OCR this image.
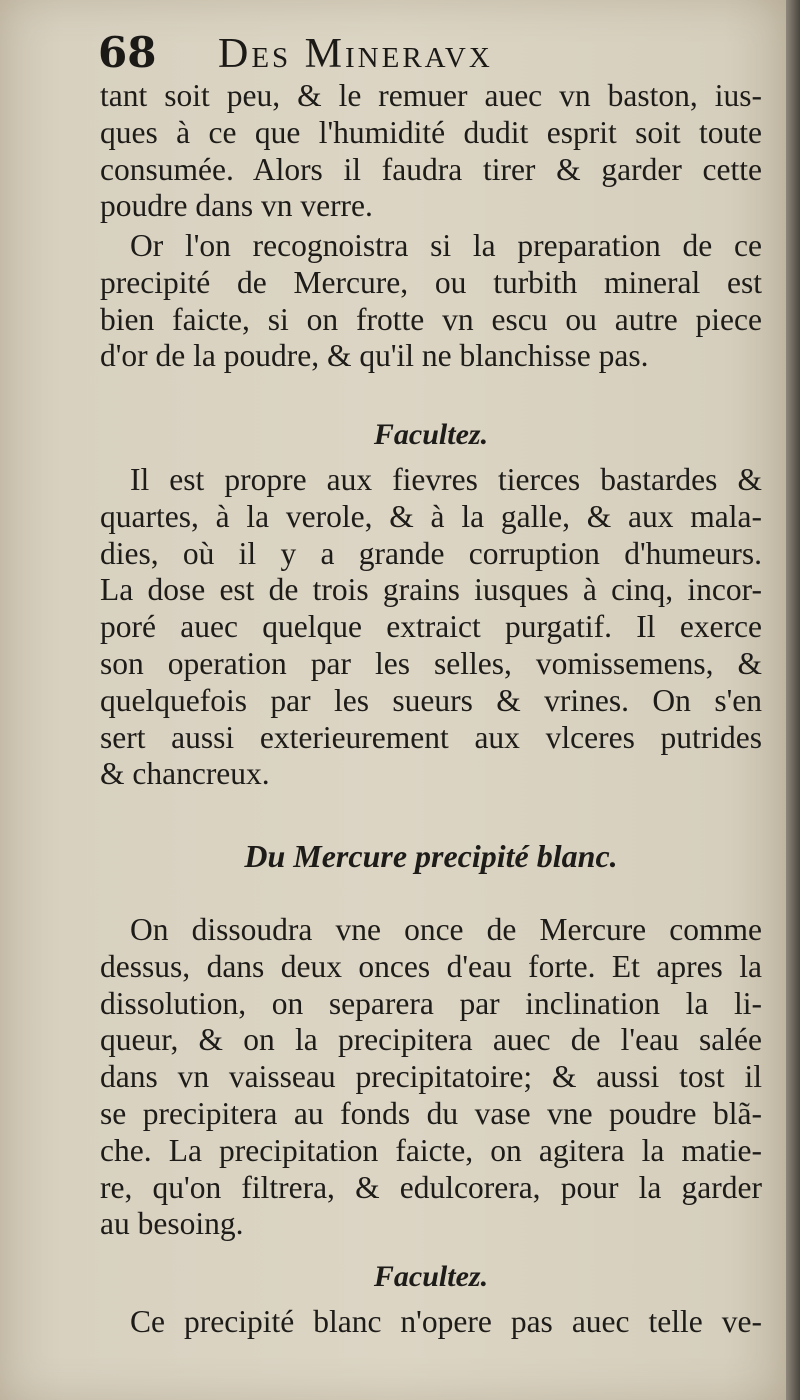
68 Des Mineravx
tant soit peu, & le remuer auec vn baston, ius-
ques à ce que l'humidité dudit esprit soit toute
consumée. Alors il faudra tirer & garder cette
poudre dans vn verre.
Or l'on recognoistra si la preparation de ce
precipité de Mercure, ou turbith mineral est
bien faicte, si on frotte vn escu ou autre piece
d'or de la poudre, & qu'il ne blanchisse pas.
Facultez.
Il est propre aux fievres tierces bastardes &
quartes, à la verole, & à la galle, & aux mala-
dies, où il y a grande corruption d'humeurs.
La dose est de trois grains iusques à cinq, incor-
poré auec quelque extraict purgatif. Il exerce
son operation par les selles, vomissemens, &
quelquefois par les sueurs & vrines. On s'en
sert aussi exterieurement aux vlceres putrides
& chancreux.
Du Mercure precipité blanc.
On dissoudra vne once de Mercure comme
dessus, dans deux onces d'eau forte. Et apres la
dissolution, on separera par inclination la li-
queur, & on la precipitera auec de l'eau salée
dans vn vaisseau precipitatoire; & aussi tost il
se precipitera au fonds du vase vne poudre blã-
che. La precipitation faicte, on agitera la matie-
re, qu'on filtrera, & edulcorera, pour la garder
au besoing.
Facultez.
Ce precipité blanc n'opere pas auec telle ve-
